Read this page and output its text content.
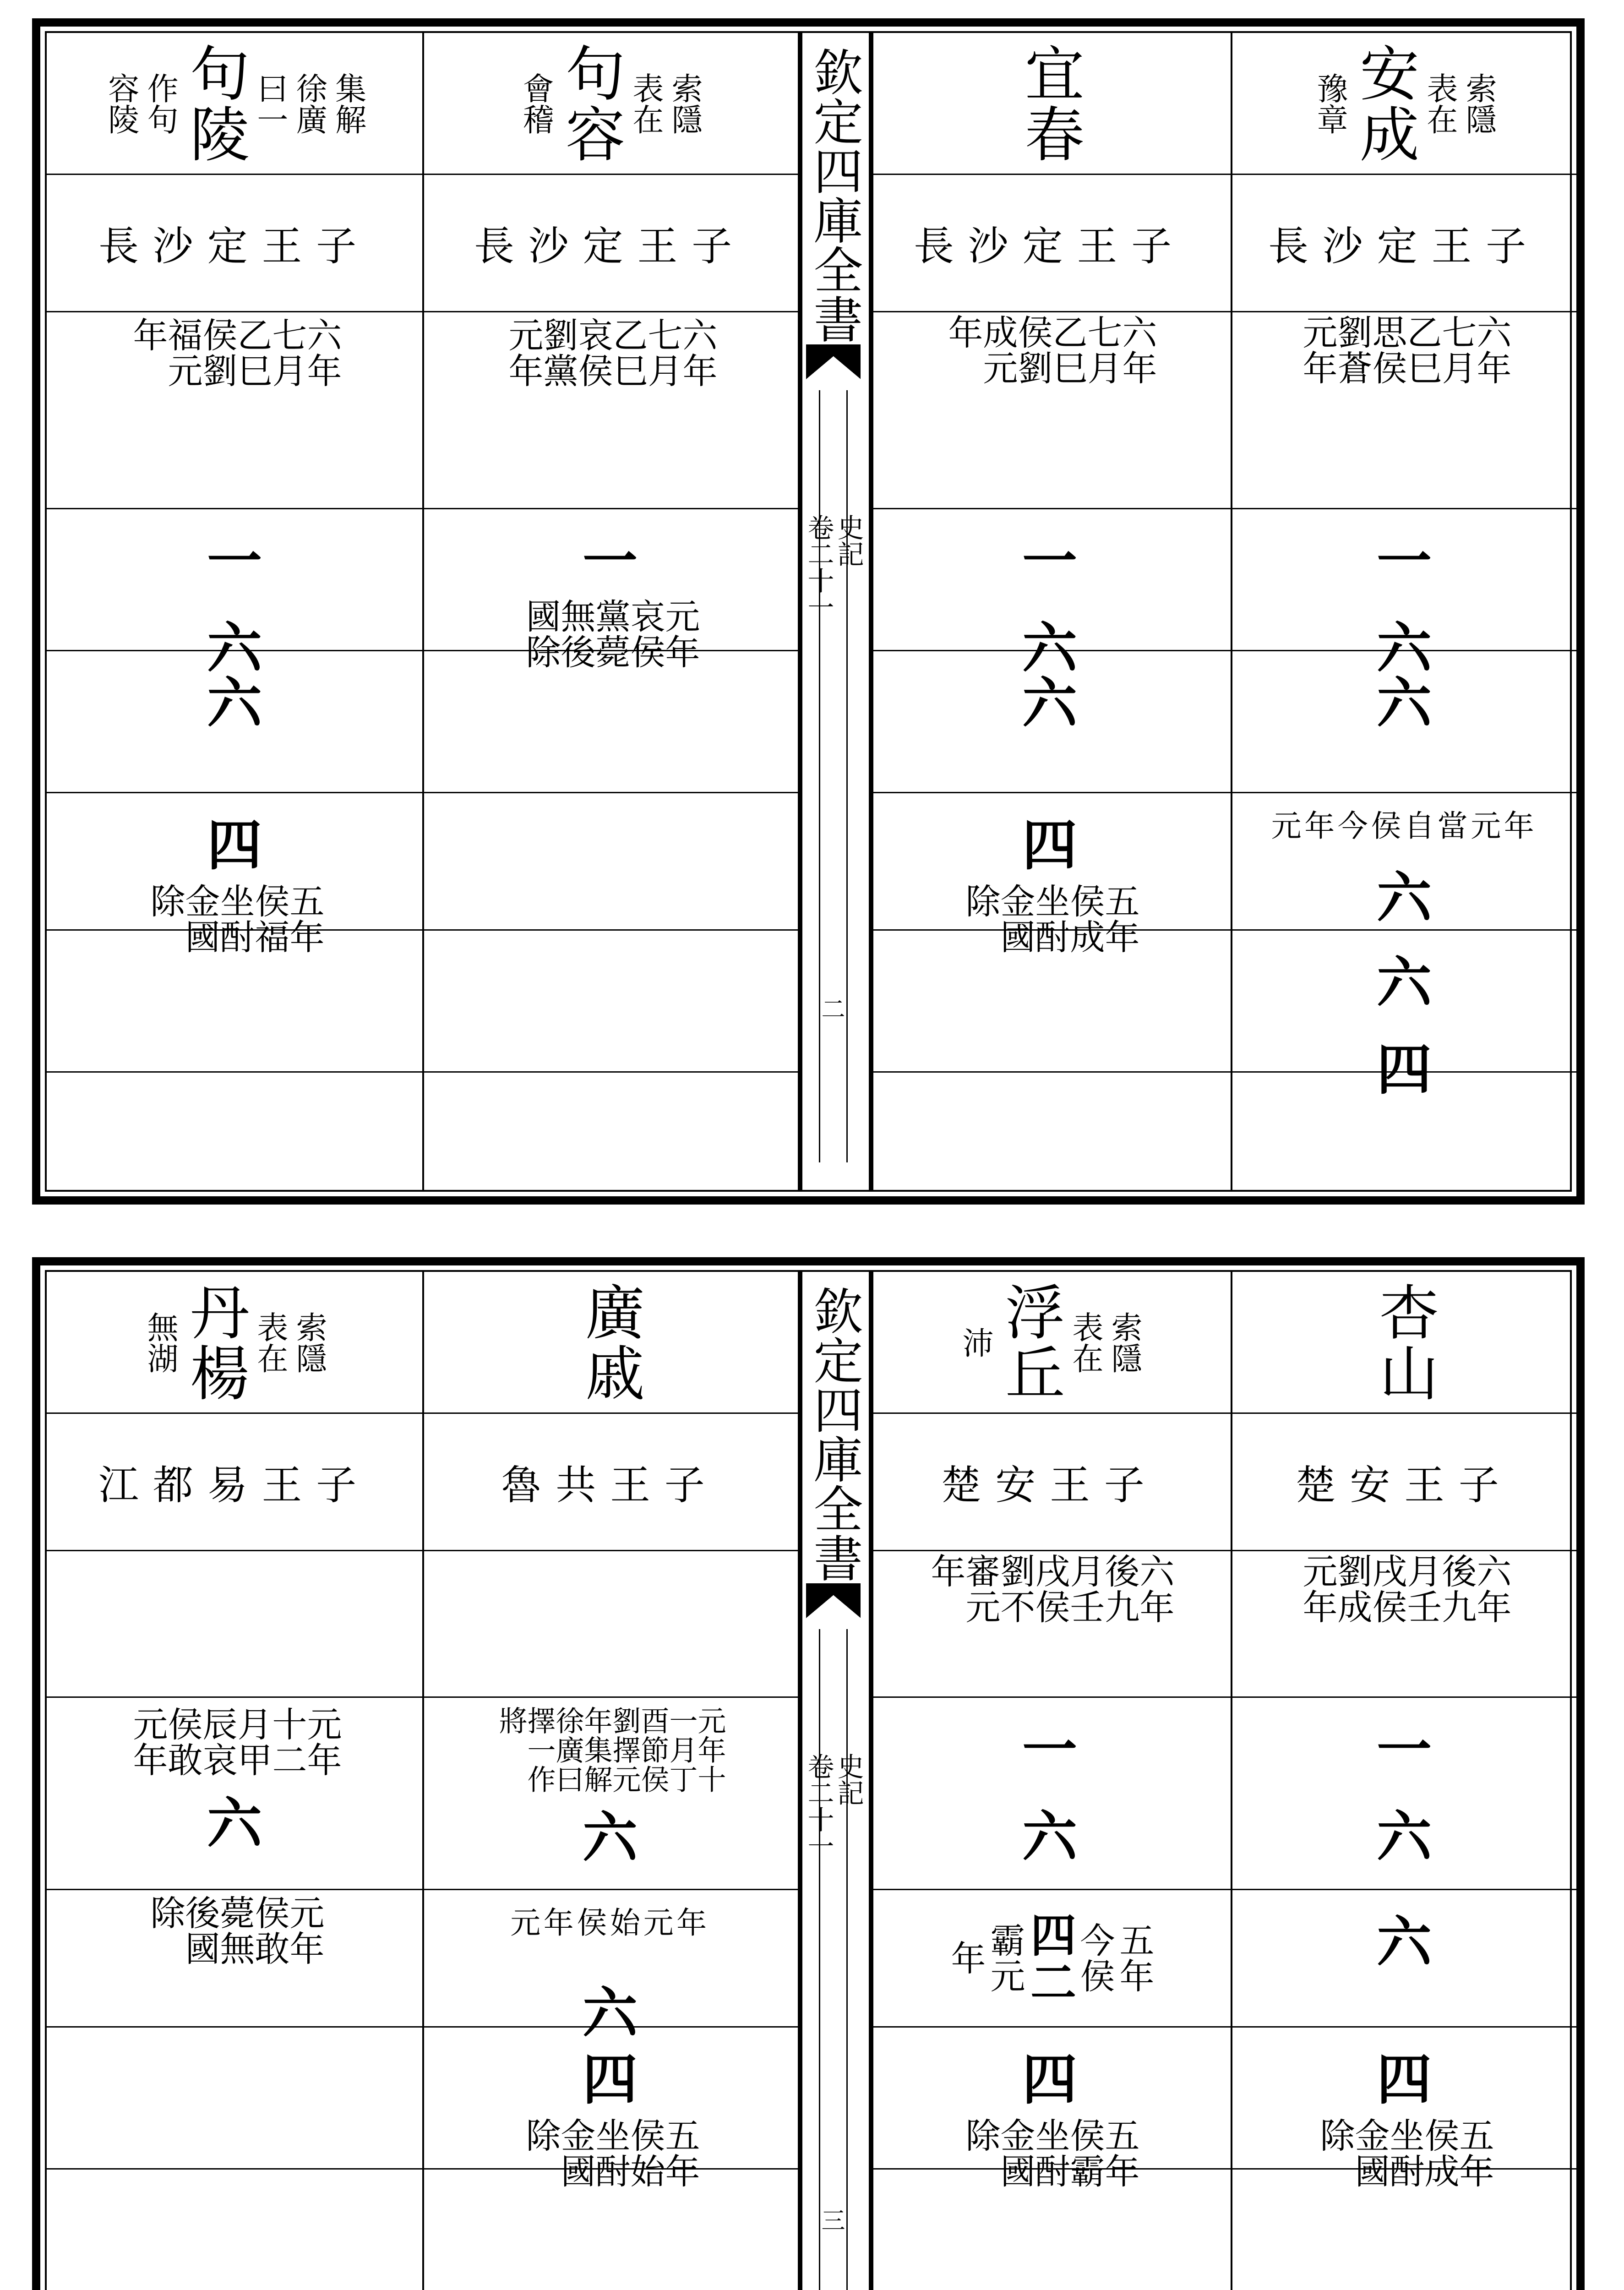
集解
徐廣
曰一
句陵
作句
容陵
長沙定王子
六年
七月
乙巳
侯劉
福元
年
一
六
六
四
五年
侯福
坐酎
金國
除
索隱
表在
句容
會稽
長沙定王子
六年
七月
乙巳
哀侯
劉黨
元年
一
元年
哀侯
黨薨
無後
國除
欽定四庫全書
史記
卷二十一
二
宜春
長沙定王子
六年
七月
乙巳
侯劉
成元
年
一
六
六
四
五年
侯成
坐酎
金國
除
索隱
表在
安成
豫章
長沙定王子
六年
七月
乙巳
思侯
劉蒼
元年
一
六
六
元年今侯自當元年
六
六
四
索隱
表在
丹楊
無湖
江都易王子
元年
十二
月甲
辰哀
侯敢
元年
六
元年
侯敢
薨無
後國
除
廣戚
魯共王子
元年十
一月丁
酉節侯
劉擇元
年集解
徐廣曰
擇一作
將
六
元年侯始元年
六
四
五年
侯始
坐酎
金國
除
欽定四庫全書
史記
卷二十一
三
索隱
表在
浮丘
沛
楚安王子
六年
後九
月壬
戌侯
劉不
審元
年
一
六
五年
今侯
四二
霸元
年
四
五年
侯霸
坐酎
金國
除
杏山
楚安王子
六年
後九
月壬
戌侯
劉成
元年
一
六
六
四
五年
侯成
坐酎
金國
除
